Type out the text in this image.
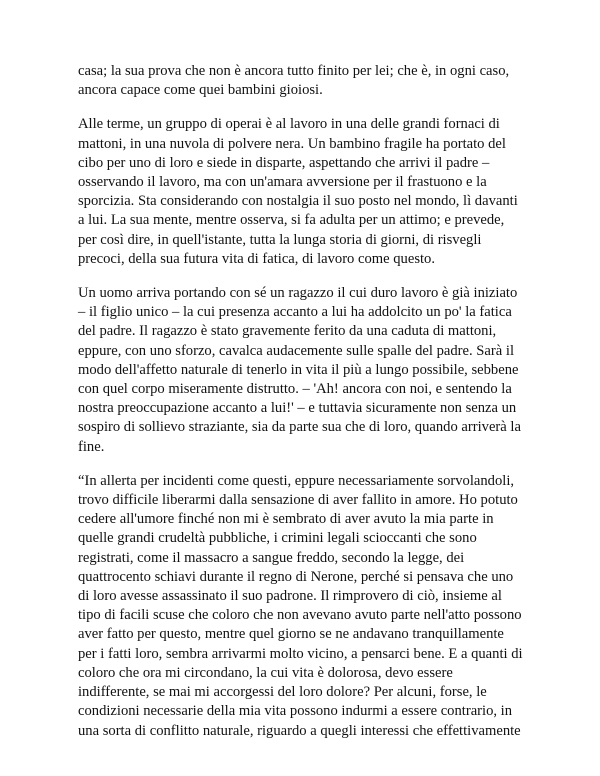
casa; la sua prova che non è ancora tutto finito per lei; che è, in ogni caso,
ancora capace come quei bambini gioiosi.

Alle terme, un gruppo di operai è al lavoro in una delle grandi fornaci di
mattoni, in una nuvola di polvere nera. Un bambino fragile ha portato del
cibo per uno di loro e siede in disparte, aspettando che arrivi il padre –
osservando il lavoro, ma con un'amara avversione per il frastuono e la
sporcizia. Sta considerando con nostalgia il suo posto nel mondo, lì davanti
a lui. La sua mente, mentre osserva, si fa adulta per un attimo; e prevede,
per così dire, in quell'istante, tutta la lunga storia di giorni, di risvegli
precoci, della sua futura vita di fatica, di lavoro come questo.

Un uomo arriva portando con sé un ragazzo il cui duro lavoro è già iniziato
– il figlio unico – la cui presenza accanto a lui ha addolcito un po' la fatica
del padre. Il ragazzo è stato gravemente ferito da una caduta di mattoni,
eppure, con uno sforzo, cavalca audacemente sulle spalle del padre. Sarà il
modo dell'affetto naturale di tenerlo in vita il più a lungo possibile, sebbene
con quel corpo miseramente distrutto. – 'Ah! ancora con noi, e sentendo la
nostra preoccupazione accanto a lui!' – e tuttavia sicuramente non senza un
sospiro di sollievo straziante, sia da parte sua che di loro, quando arriverà la
fine.

“In allerta per incidenti come questi, eppure necessariamente sorvolandoli,
trovo difficile liberarmi dalla sensazione di aver fallito in amore. Ho potuto
cedere all'umore finché non mi è sembrato di aver avuto la mia parte in
quelle grandi crudeltà pubbliche, i crimini legali scioccanti che sono
registrati, come il massacro a sangue freddo, secondo la legge, dei
quattrocento schiavi durante il regno di Nerone, perché si pensava che uno
di loro avesse assassinato il suo padrone. Il rimprovero di ciò, insieme al
tipo di facili scuse che coloro che non avevano avuto parte nell'atto possono
aver fatto per questo, mentre quel giorno se ne andavano tranquillamente
per i fatti loro, sembra arrivarmi molto vicino, a pensarci bene. E a quanti di
coloro che ora mi circondano, la cui vita è dolorosa, devo essere
indifferente, se mai mi accorgessi del loro dolore? Per alcuni, forse, le
condizioni necessarie della mia vita possono indurmi a essere contrario, in
una sorta di conflitto naturale, riguardo a quegli interessi che effettivamente
